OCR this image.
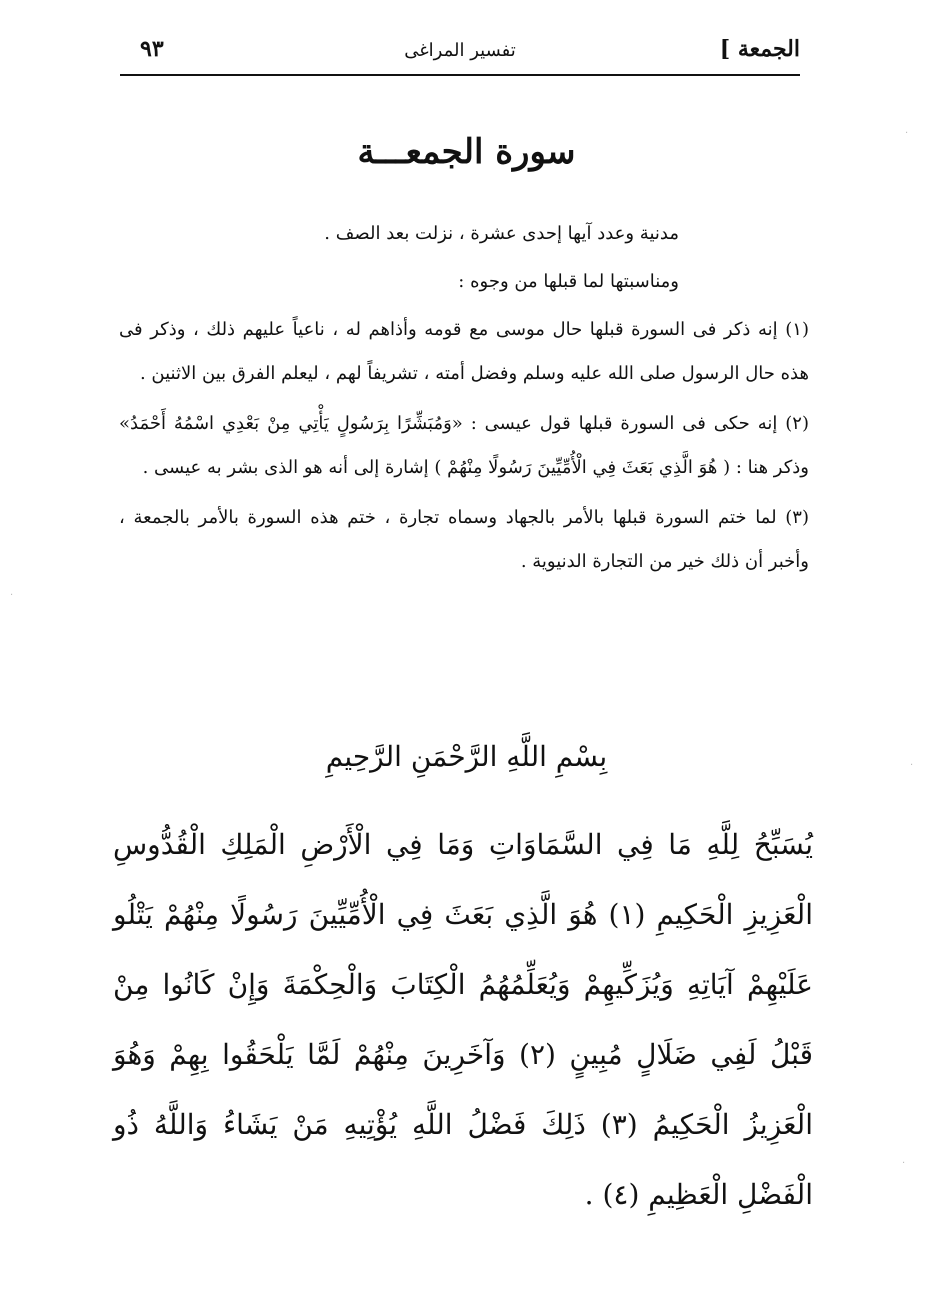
الجمعة ]
تفسير المراغى
٩٣
سورة الجمعـــة

مدنية وعدد آيها إحدى عشرة ، نزلت بعد الصف .

ومناسبتها لما قبلها من وجوه :

(١) إنه ذكر فى السورة قبلها حال موسى مع قومه وأذاهم له ، ناعياً عليهم ذلك ، وذكر فى هذه حال الرسول صلى الله عليه وسلم وفضل أمته ، تشريفاً لهم ، ليعلم الفرق بين الاثنين .

(٢) إنه حكى فى السورة قبلها قول عيسى : «وَمُبَشِّرًا بِرَسُولٍ يَأْتِي مِنْ بَعْدِي اسْمُهُ أَحْمَدُ» وذكر هنا : ( هُوَ الَّذِي بَعَثَ فِي الْأُمِّيِّينَ رَسُولًا مِنْهُمْ ) إشارة إلى أنه هو الذى بشر به عيسى .

(٣) لما ختم السورة قبلها بالأمر بالجهاد وسماه تجارة ، ختم هذه السورة بالأمر بالجمعة ، وأخبر أن ذلك خير من التجارة الدنيوية .

بِسْمِ اللَّهِ الرَّحْمَنِ الرَّحِيمِ

يُسَبِّحُ لِلَّهِ مَا فِي السَّمَاوَاتِ وَمَا فِي الْأَرْضِ الْمَلِكِ الْقُدُّوسِ الْعَزِيزِ الْحَكِيمِ (١) هُوَ الَّذِي بَعَثَ فِي الْأُمِّيِّينَ رَسُولًا مِنْهُمْ يَتْلُو عَلَيْهِمْ آيَاتِهِ وَيُزَكِّيهِمْ وَيُعَلِّمُهُمُ الْكِتَابَ وَالْحِكْمَةَ وَإِنْ كَانُوا مِنْ قَبْلُ لَفِي ضَلَالٍ مُبِينٍ (٢) وَآخَرِينَ مِنْهُمْ لَمَّا يَلْحَقُوا بِهِمْ وَهُوَ الْعَزِيزُ الْحَكِيمُ (٣) ذَلِكَ فَضْلُ اللَّهِ يُؤْتِيهِ مَنْ يَشَاءُ وَاللَّهُ ذُو الْفَضْلِ الْعَظِيمِ (٤) .

·
·
·
·
